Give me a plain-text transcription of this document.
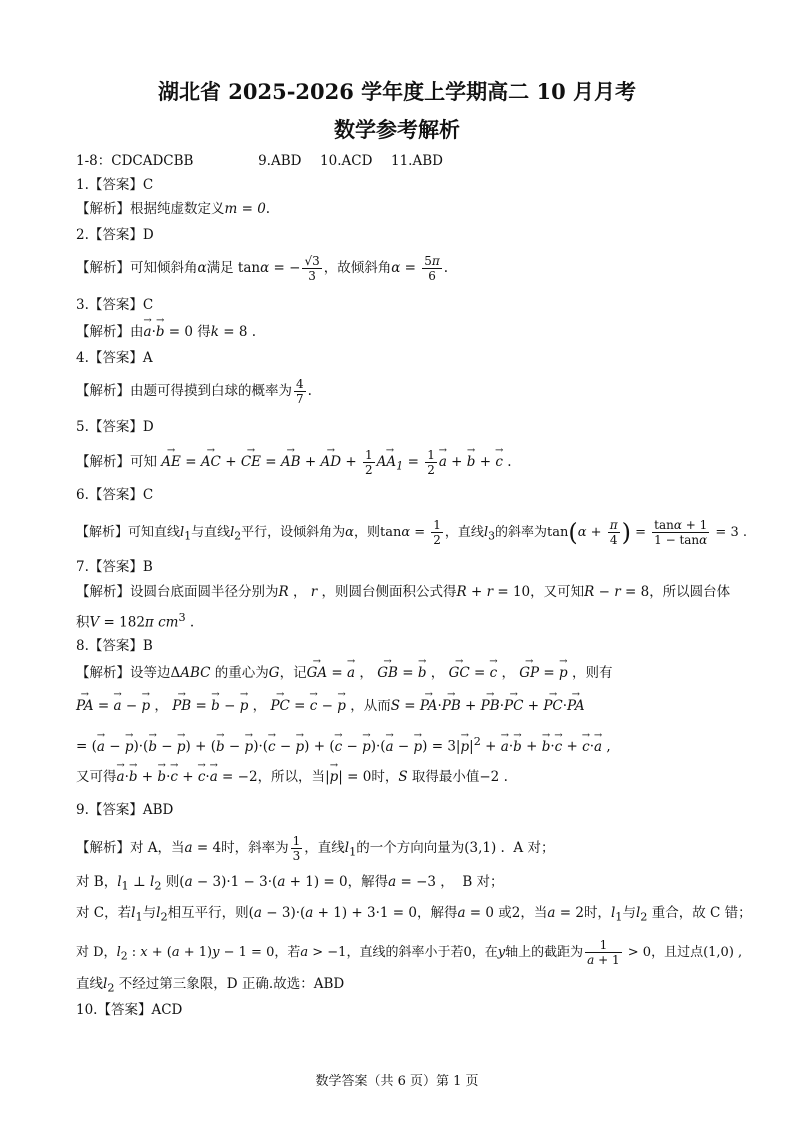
湖北省 2025-2026 学年度上学期高二 10 月月考
数学参考解析
1-8：CDCADCBB	9.ABD 10.ACD 11.ABD
1.【答案】C
【解析】根据纯虚数定义m = 0.
2.【答案】D
【解析】可知倾斜角α满足 tanα = − $\frac{√3}{3}$ ，故倾斜角$\alpha = \frac{5\pi}{6}$ .
3.【答案】C
【解析】由→ a·→ b = 0 得k = 8 .
4.【答案】A
【解析】由题可得摸到白球的概率为 $\frac{4}{7}$ .
5.【答案】D
【解析】可知 → AE = → AC + → CE = → AB + → AD + $\frac{1}{2}$
→ $AA_1 = \frac{1}{2}$
→ a + → b + → c .
6.【答案】C
【解析】可知直线$l_1$与直线$l_2$平行，设倾斜角为α，则$\tan\alpha = \frac{1}{2}$ ，直线$l_3$的斜率为$\tan(\alpha + \frac{\pi}{4}$ ) = $\frac{\tan\alpha + 1}{1 - \tan\alpha} = 3$ .
7.【答案】B
【解析】设圆台底面圆半径分别为R ， r ，则圆台侧面积公式得R + r = 10，又可知R − r = 8，所以圆台体
积V = 182π $cm^3$ .
8.【答案】B
【解析】设等边ΔABC 的重心为G，记→ GA = → a ， → GB = → b ， → GC = → c ， → GP = → p ，则有
→ PA = → a − → p ， → PB = → b − → p ， → PC = → c − → p ，从而S = → PA·→ PB + → PB·→ PC + → PC·→ PA
= (→ a − → p)·(→ b − → p) + (→ b − → p)·(→ c − → p) + (→ c − → p)·(→ a − → $p) = 3|\to p|^2$ + → a·→ b + → b·→ c + → c·→ a ,
又可得→ a·→ b + → b·→ c + → c·→ a = −2，所以，当|→ p| = 0时，S 取得最小值−2 .
9.【答案】ABD
【解析】对 A，当a = 4时，斜率为 $\frac{1}{3}$ ，直线$l_1$的一个方向向量为(3,1) .  A 对；
对 B，$l_1$ ⊥ $l_2$ 则(a − 3)·1 − 3·(a + 1) = 0，解得a = −3 ，  B 对；
对 C，若$l_1$与$l_2$相互平行，则(a − 3)·(a + 1) + 3·1 = 0，解得a = 0 或2，当a = 2时，$l_1$与$l_2$ 重合，故 C 错；
对 D，$l_2$ : x + (a + 1)y − 1 = 0，若a > −1，直线的斜率小于若0，在y轴上的截距为 $\frac{1}{a + 1} > 0$，且过点(1,0) ,
直线$l_2$ 不经过第三象限，D 正确.故选：ABD
10.【答案】ACD
数学答案（共 6 页）第 1 页
